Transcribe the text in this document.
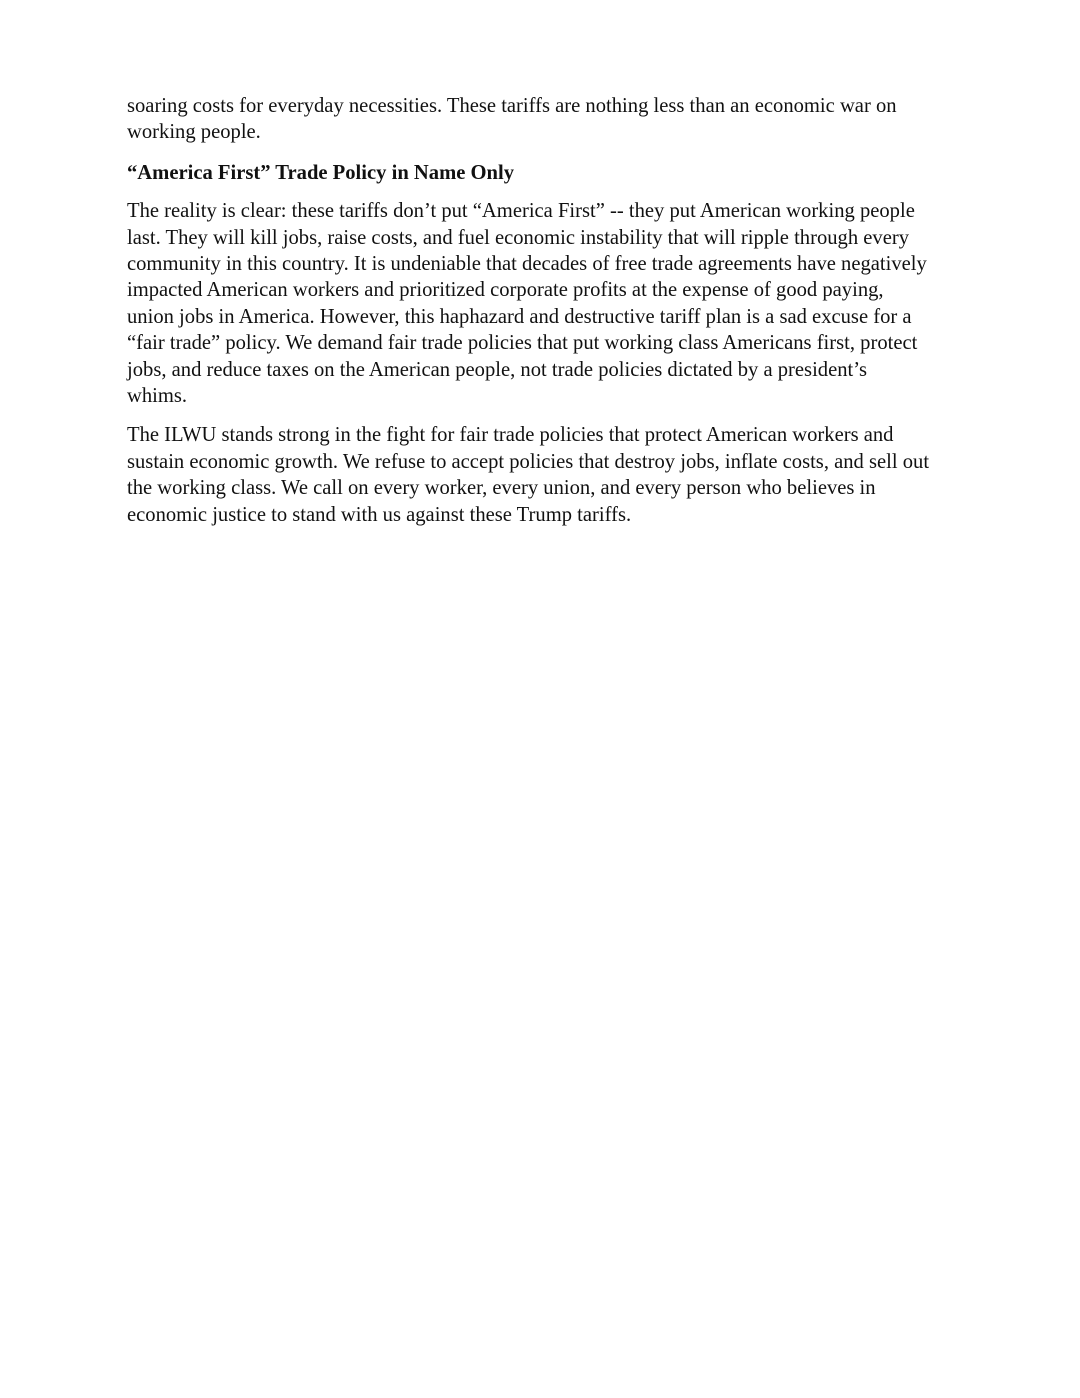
soaring costs for everyday necessities. These tariffs are nothing less than an economic war on
working people.

“America First” Trade Policy in Name Only

The reality is clear: these tariffs don’t put “America First” -- they put American working people
last. They will kill jobs, raise costs, and fuel economic instability that will ripple through every
community in this country. It is undeniable that decades of free trade agreements have negatively
impacted American workers and prioritized corporate profits at the expense of good paying,
union jobs in America. However, this haphazard and destructive tariff plan is a sad excuse for a
“fair trade” policy. We demand fair trade policies that put working class Americans first, protect
jobs, and reduce taxes on the American people, not trade policies dictated by a president’s
whims.

The ILWU stands strong in the fight for fair trade policies that protect American workers and
sustain economic growth. We refuse to accept policies that destroy jobs, inflate costs, and sell out
the working class. We call on every worker, every union, and every person who believes in
economic justice to stand with us against these Trump tariffs.
